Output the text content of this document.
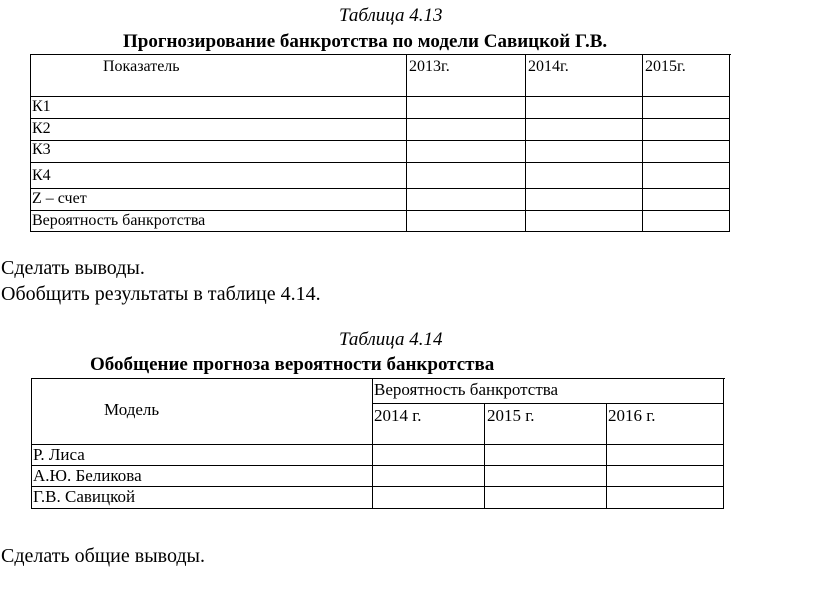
Таблица 4.13
Прогнозирование банкротства по модели Савицкой Г.В.
Показатель	2013г.	2014г.	2015г.
К1
К2
К3
К4
Z – счет
Вероятность банкротства
Сделать выводы.
Обобщить результаты в таблице 4.14.
Таблица 4.14
Обобщение прогноза вероятности банкротства
Модель
Вероятность банкротства
2014 г.	2015 г.	2016 г.
Р. Лиса
А.Ю. Беликова
Г.В. Савицкой
Сделать общие выводы.
